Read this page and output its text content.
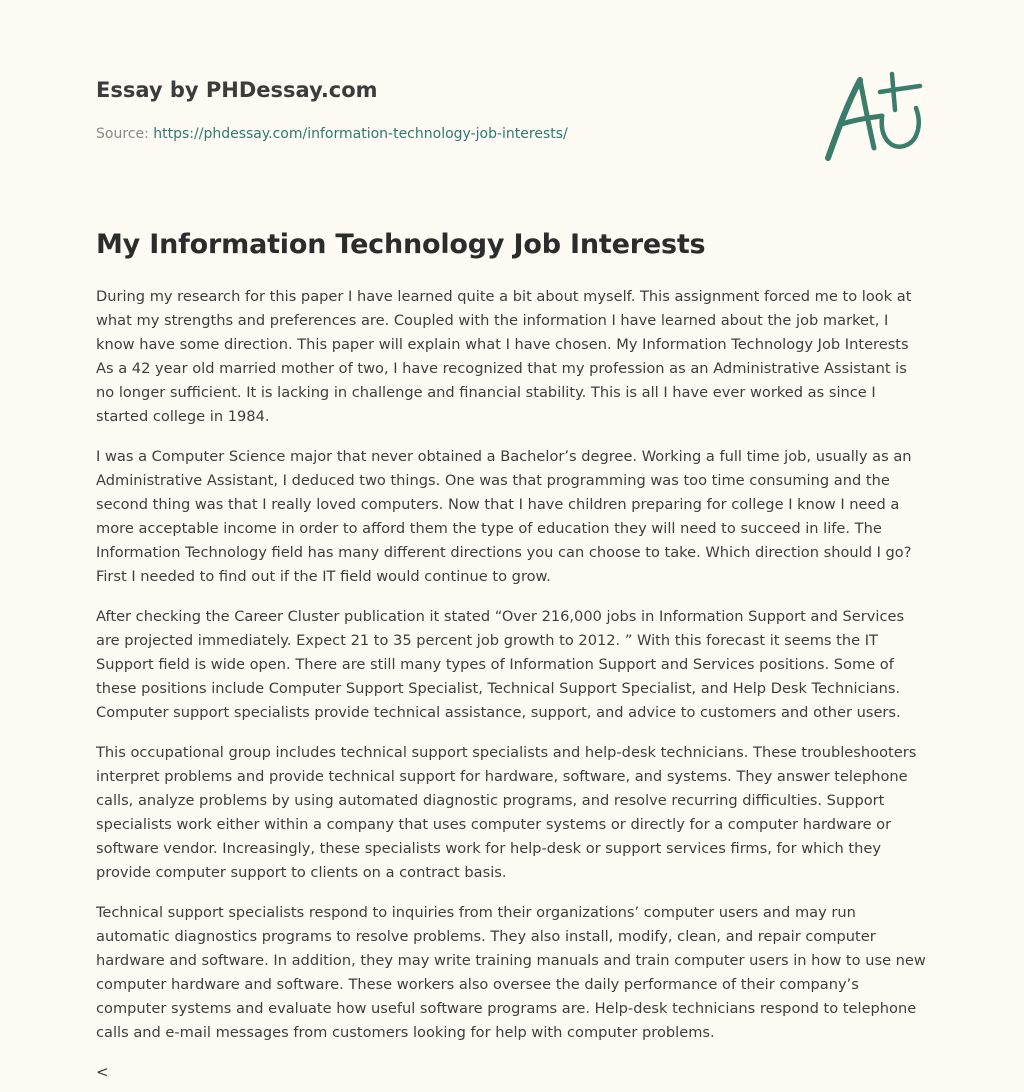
Essay by PHDessay.com
Source: https://phdessay.com/information-technology-job-interests/
My Information Technology Job Interests

During my research for this paper I have learned quite a bit about myself. This assignment forced me to look at what my strengths and preferences are. Coupled with the information I have learned about the job market, I know have some direction. This paper will explain what I have chosen. My Information Technology Job Interests As a 42 year old married mother of two, I have recognized that my profession as an Administrative Assistant is no longer sufficient. It is lacking in challenge and financial stability. This is all I have ever worked as since I started college in 1984.

I was a Computer Science major that never obtained a Bachelor’s degree. Working a full time job, usually as an Administrative Assistant, I deduced two things. One was that programming was too time consuming and the second thing was that I really loved computers. Now that I have children preparing for college I know I need a more acceptable income in order to afford them the type of education they will need to succeed in life. The Information Technology field has many different directions you can choose to take. Which direction should I go? First I needed to find out if the IT field would continue to grow.

After checking the Career Cluster publication it stated “Over 216,000 jobs in Information Support and Services are projected immediately. Expect 21 to 35 percent job growth to 2012. ” With this forecast it seems the IT Support field is wide open. There are still many types of Information Support and Services positions. Some of these positions include Computer Support Specialist, Technical Support Specialist, and Help Desk Technicians. Computer support specialists provide technical assistance, support, and advice to customers and other users.

This occupational group includes technical support specialists and help-desk technicians. These troubleshooters interpret problems and provide technical support for hardware, software, and systems. They answer telephone calls, analyze problems by using automated diagnostic programs, and resolve recurring difficulties. Support specialists work either within a company that uses computer systems or directly for a computer hardware or software vendor. Increasingly, these specialists work for help-desk or support services firms, for which they provide computer support to clients on a contract basis.

Technical support specialists respond to inquiries from their organizations’ computer users and may run automatic diagnostics programs to resolve problems. They also install, modify, clean, and repair computer hardware and software. In addition, they may write training manuals and train computer users in how to use new computer hardware and software. These workers also oversee the daily performance of their company’s computer systems and evaluate how useful software programs are. Help-desk technicians respond to telephone calls and e-mail messages from customers looking for help with computer problems.

<
